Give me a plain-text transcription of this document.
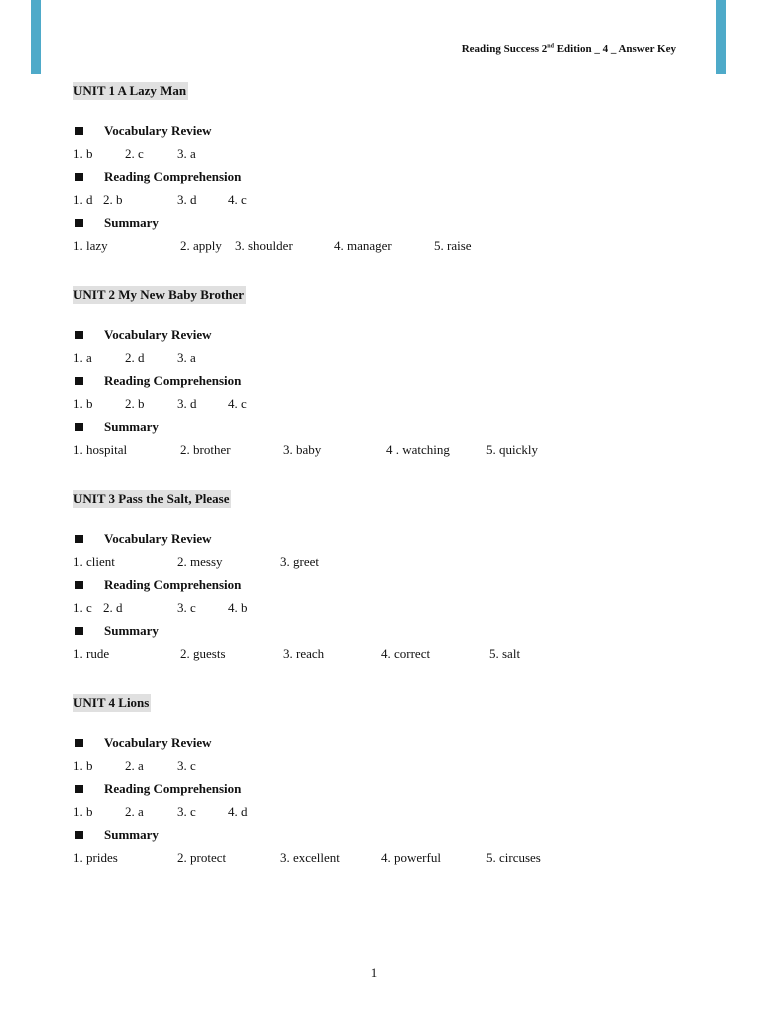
Reading Success 2nd Edition _ 4 _ Answer Key
UNIT 1 A Lazy Man
Vocabulary Review
1. b	2. c	3. a
Reading Comprehension
1. d 2. b	3. d 4. c
Summary
1. lazy	2. apply 3. shoulder	4. manager	5. raise
UNIT 2 My New Baby Brother
Vocabulary Review
1. a	2. d	3. a
Reading Comprehension
1. b	2. b	3. d 4. c
Summary
1. hospital	2. brother	3. baby	4 . watching	5. quickly
UNIT 3 Pass the Salt, Please
Vocabulary Review
1. client	2. messy	3. greet
Reading Comprehension
1. c 2. d	3. c 4. b
Summary
1. rude	2. guests	3. reach	4. correct	5. salt
UNIT 4 Lions
Vocabulary Review
1. b	2. a	3. c
Reading Comprehension
1. b	2. a	3. c 4. d
Summary
1. prides	2. protect	3. excellent	4. powerful	5. circuses
1
